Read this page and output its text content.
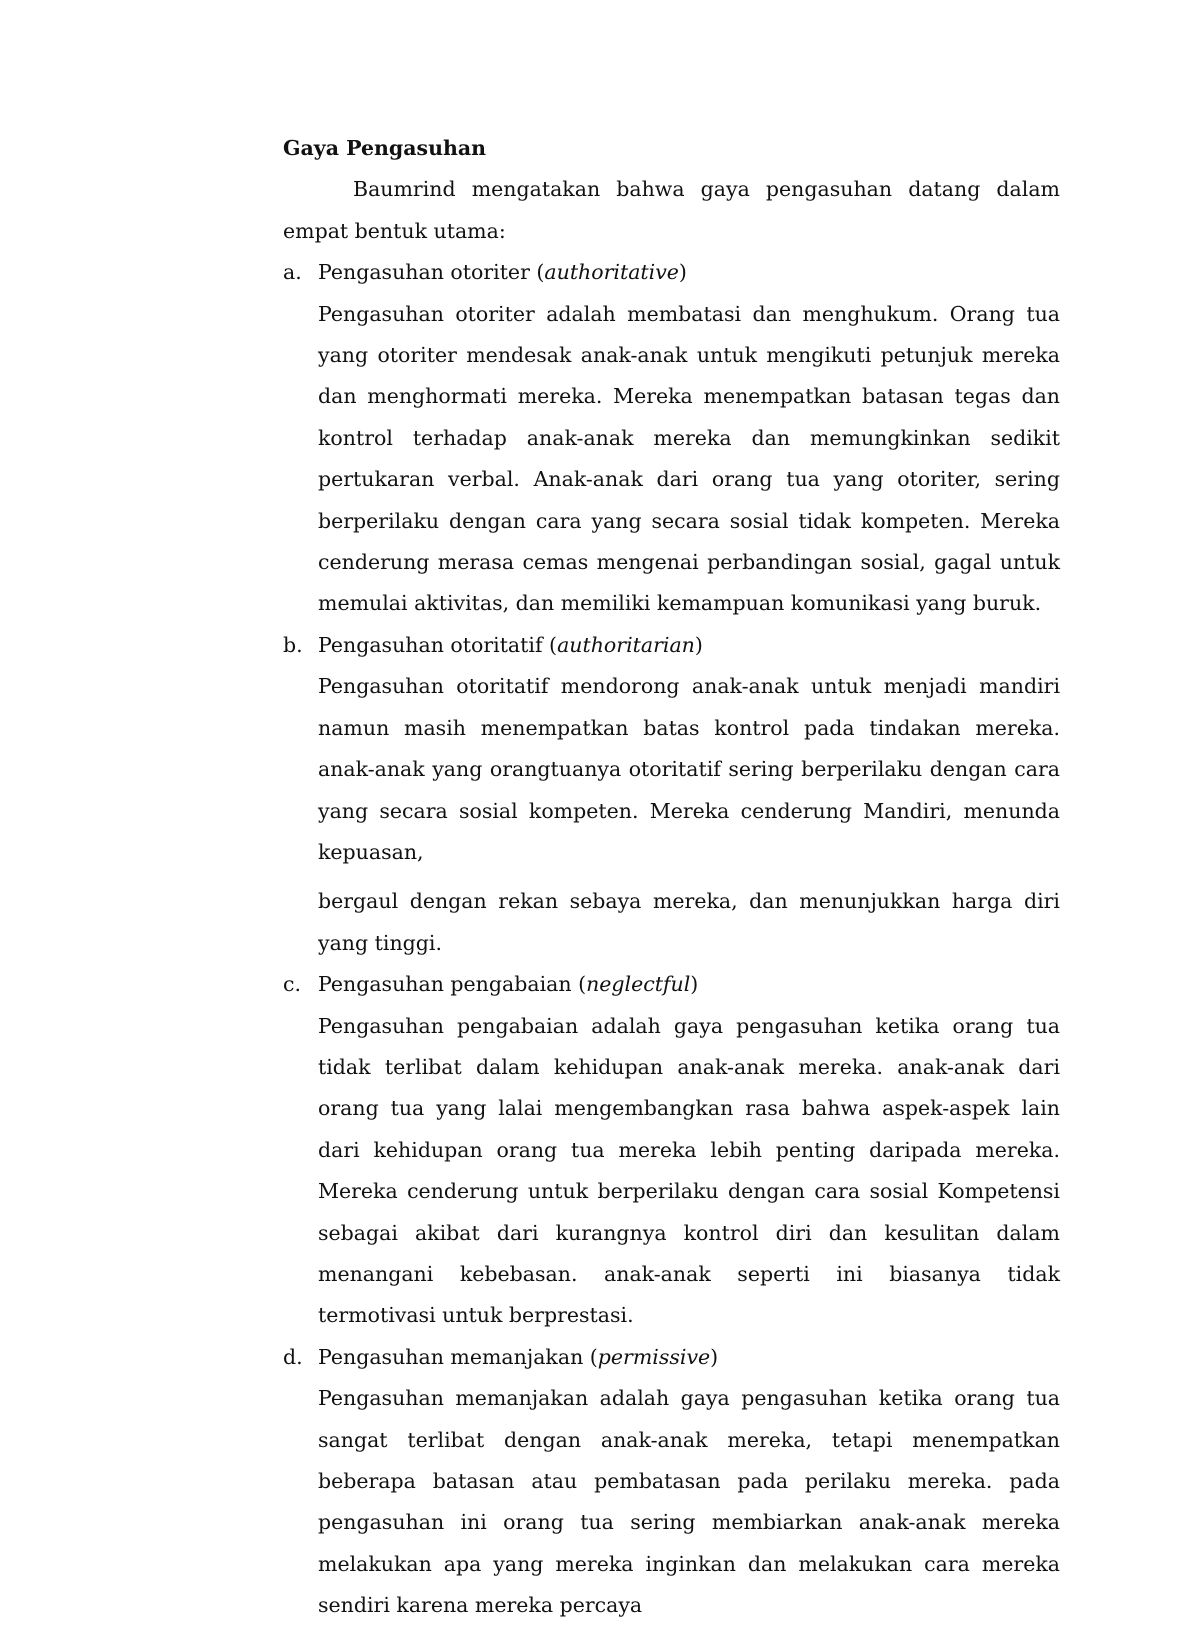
Gaya Pengasuhan

Baumrind mengatakan bahwa gaya pengasuhan datang dalam empat bentuk utama:

a. Pengasuhan otoriter (authoritative)

Pengasuhan otoriter adalah membatasi dan menghukum. Orang tua yang otoriter mendesak anak-anak untuk mengikuti petunjuk mereka dan menghormati mereka. Mereka menempatkan batasan tegas dan kontrol terhadap anak-anak mereka dan memungkinkan sedikit pertukaran verbal. Anak-anak dari orang tua yang otoriter, sering berperilaku dengan cara yang secara sosial tidak kompeten. Mereka cenderung merasa cemas mengenai perbandingan sosial, gagal untuk memulai aktivitas, dan memiliki kemampuan komunikasi yang buruk.

b. Pengasuhan otoritatif (authoritarian)

Pengasuhan otoritatif mendorong anak-anak untuk menjadi mandiri namun masih menempatkan batas kontrol pada tindakan mereka. anak-anak yang orangtuanya otoritatif sering berperilaku dengan cara yang secara sosial kompeten. Mereka cenderung Mandiri, menunda kepuasan,

bergaul dengan rekan sebaya mereka, dan menunjukkan harga diri yang tinggi.

c. Pengasuhan pengabaian (neglectful)

Pengasuhan pengabaian adalah gaya pengasuhan ketika orang tua tidak terlibat dalam kehidupan anak-anak mereka. anak-anak dari orang tua yang lalai mengembangkan rasa bahwa aspek-aspek lain dari kehidupan orang tua mereka lebih penting daripada mereka. Mereka cenderung untuk berperilaku dengan cara sosial Kompetensi sebagai akibat dari kurangnya kontrol diri dan kesulitan dalam menangani kebebasan. anak-anak seperti ini biasanya tidak termotivasi untuk berprestasi.

d. Pengasuhan memanjakan (permissive)

Pengasuhan memanjakan adalah gaya pengasuhan ketika orang tua sangat terlibat dengan anak-anak mereka, tetapi menempatkan beberapa batasan atau pembatasan pada perilaku mereka. pada pengasuhan ini orang tua sering membiarkan anak-anak mereka melakukan apa yang mereka inginkan dan melakukan cara mereka sendiri karena mereka percaya
